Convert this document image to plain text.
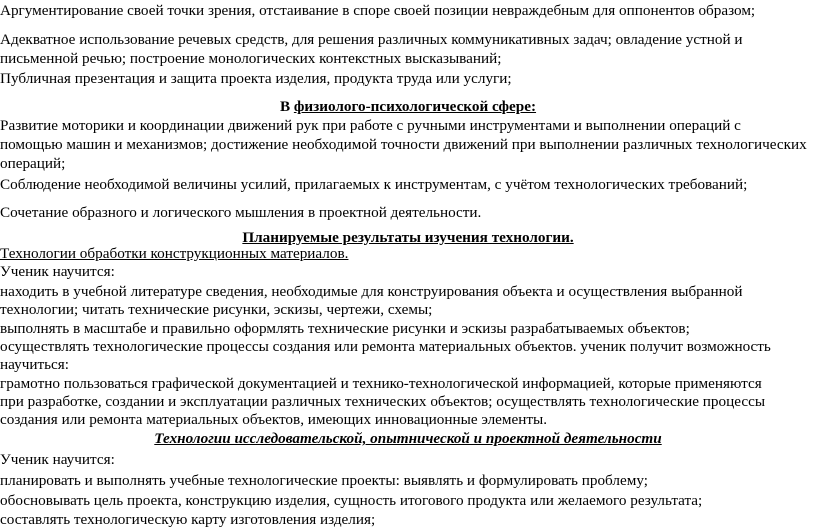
Аргументирование своей точки зрения, отстаивание в споре своей позиции невраждебным для оппонентов образом;

Адекватное использование речевых средств, для решения различных коммуникативных задач; овладение устной и

письменной речью; построение монологических контекстных высказываний;

Публичная презентация и защита проекта изделия, продукта труда или услуги;

В физиолого-психологической сфере:

Развитие моторики и координации движений рук при работе с ручными инструментами и выполнении операций с

помощью машин и механизмов; достижение необходимой точности движений при выполнении различных технологических

операций;

Соблюдение необходимой величины усилий, прилагаемых к инструментам, с учётом технологических требований;

Сочетание образного и логического мышления в проектной деятельности.

Планируемые результаты изучения технологии.

Технологии обработки конструкционных материалов.

Ученик научится:

находить в учебной литературе сведения, необходимые для конструирования объекта и осуществления выбранной

технологии; читать технические рисунки, эскизы, чертежи, схемы;

выполнять в масштабе и правильно оформлять технические рисунки и эскизы разрабатываемых объектов;

осуществлять технологические процессы создания или ремонта материальных объектов. ученик получит возможность

научиться:

грамотно пользоваться графической документацией и технико-технологической информацией, которые применяются

при разработке, создании и эксплуатации различных технических объектов; осуществлять технологические процессы

создания или ремонта материальных объектов, имеющих инновационные элементы.

Технологии исследовательской, опытнической и проектной деятельности

Ученик научится:

планировать и выполнять учебные технологические проекты: выявлять и формулировать проблему;

обосновывать цель проекта, конструкцию изделия, сущность итогового продукта или желаемого результата;

составлять технологическую карту изготовления изделия;
